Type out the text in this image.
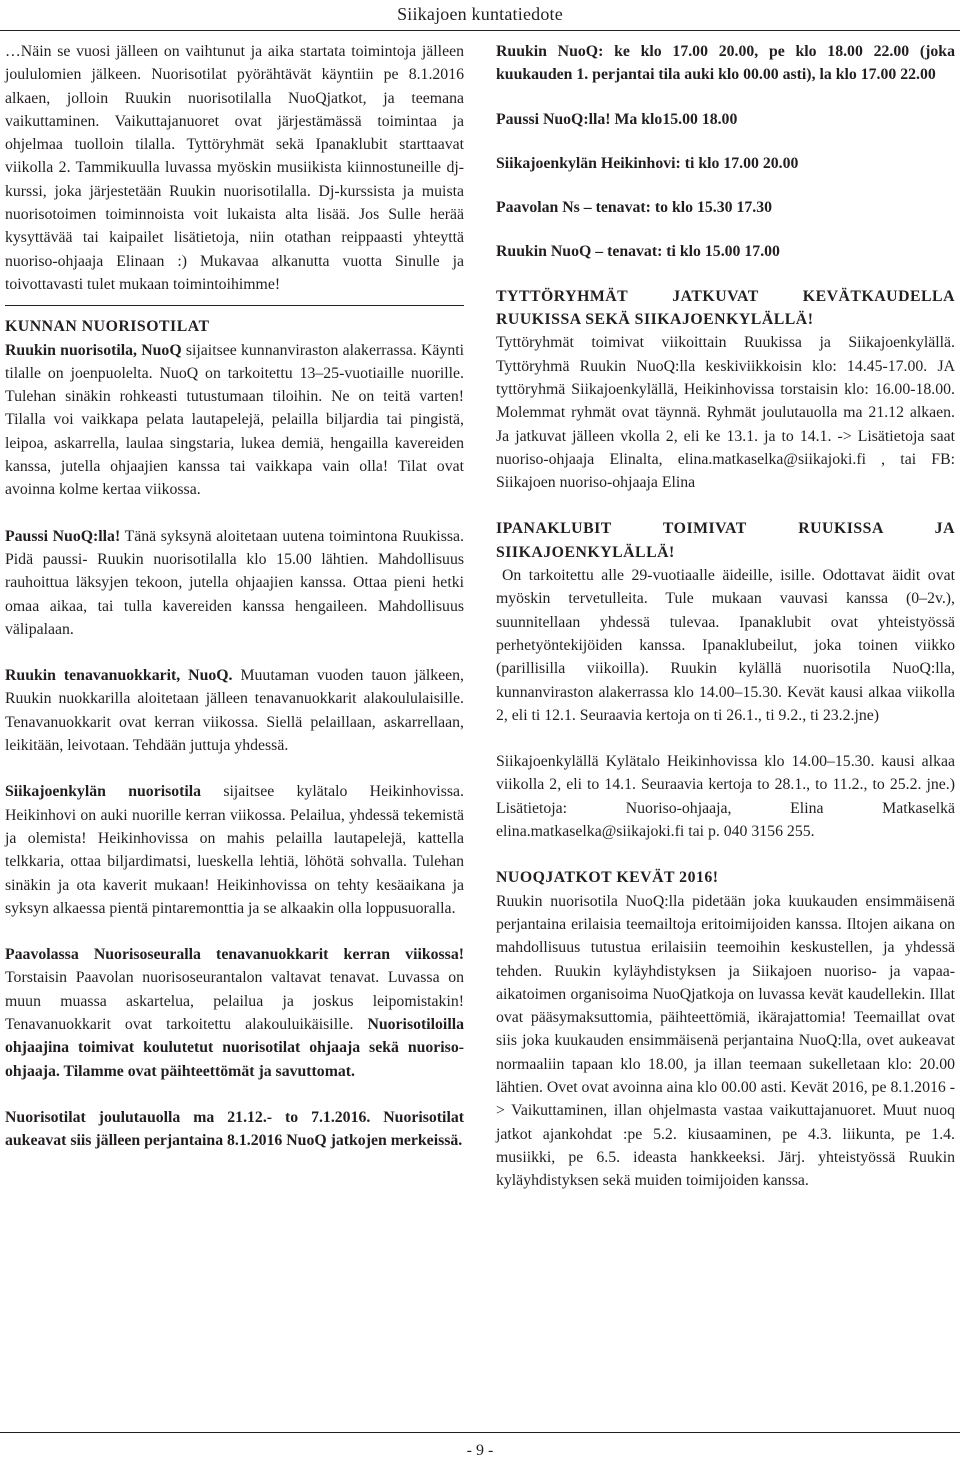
Siikajoen kuntatiedote

…Näin se vuosi jälleen on vaihtunut ja aika startata toimintoja jälleen joululomien jälkeen. Nuorisotilat pyörähtävät käyntiin pe 8.1.2016 alkaen, jolloin Ruukin nuorisotilalla NuoQjatkot, ja teemana vaikuttaminen. Vaikuttajanuoret ovat järjestämässä toimintaa ja ohjelmaa tuolloin tilalla. Tyttöryhmät sekä Ipanaklubit starttaavat viikolla 2. Tammikuulla luvassa myöskin musiikista kiinnostuneille dj-kurssi, joka järjestetään Ruukin nuorisotilalla. Dj-kurssista ja muista nuorisotoimen toiminnoista voit lukaista alta lisää. Jos Sulle herää kysyttävää tai kaipailet lisätietoja, niin otathan reippaasti yhteyttä nuoriso-ohjaaja Elinaan :) Mukavaa alkanutta vuotta Sinulle ja toivottavasti tulet mukaan toimintoihimme!

KUNNAN NUORISOTILAT

Ruukin nuorisotila, NuoQ sijaitsee kunnanviraston alakerrassa. Käynti tilalle on joenpuolelta. NuoQ on tarkoitettu 13–25-vuotiaille nuorille. Tulehan sinäkin rohkeasti tutustumaan tiloihin. Ne on teitä varten! Tilalla voi vaikkapa pelata lautapelejä, pelailla biljardia tai pingistä, leipoa, askarrella, laulaa singstaria, lukea demiä, hengailla kavereiden kanssa, jutella ohjaajien kanssa tai vaikkapa vain olla! Tilat ovat avoinna kolme kertaa viikossa.

Paussi NuoQ:lla! Tänä syksynä aloitetaan uutena toimintona Ruukissa. Pidä paussi- Ruukin nuorisotilalla klo 15.00 lähtien. Mahdollisuus rauhoittua läksyjen tekoon, jutella ohjaajien kanssa. Ottaa pieni hetki omaa aikaa, tai tulla kavereiden kanssa hengaileen. Mahdollisuus välipalaan.

Ruukin tenavanuokkarit, NuoQ. Muutaman vuoden tauon jälkeen, Ruukin nuokkarilla aloitetaan jälleen tenavanuokkarit alakoululaisille. Tenavanuokkarit ovat kerran viikossa. Siellä pelaillaan, askarrellaan, leikitään, leivotaan. Tehdään juttuja yhdessä.

Siikajoenkylän nuorisotila sijaitsee kylätalo Heikinhovissa. Heikinhovi on auki nuorille kerran viikossa. Pelailua, yhdessä tekemistä ja olemista! Heikinhovissa on mahis pelailla lautapelejä, kattella telkkaria, ottaa biljardimatsi, lueskella lehtiä, löhötä sohvalla. Tulehan sinäkin ja ota kaverit mukaan! Heikinhovissa on tehty kesäaikana ja syksyn alkaessa pientä pintaremonttia ja se alkaakin olla loppusuoralla.

Paavolassa Nuorisoseuralla tenavanuokkarit kerran viikossa! Torstaisin Paavolan nuorisoseurantalon valtavat tenavat. Luvassa on muun muassa askartelua, pelailua ja joskus leipomistakin! Tenavanuokkarit ovat tarkoitettu alakouluikäisille. Nuorisotiloilla ohjaajina toimivat koulutetut nuorisotilat ohjaaja sekä nuoriso-ohjaaja. Tilamme ovat päihteettömät ja savuttomat.

Nuorisotilat joulutauolla ma 21.12.- to 7.1.2016. Nuorisotilat aukeavat siis jälleen perjantaina 8.1.2016 NuoQ jatkojen merkeissä.

Ruukin NuoQ: ke klo 17.00 20.00, pe klo 18.00 22.00 (joka kuukauden 1. perjantai tila auki klo 00.00 asti), la klo 17.00 22.00

Paussi NuoQ:lla! Ma klo15.00 18.00

Siikajoenkylän Heikinhovi: ti klo 17.00 20.00

Paavolan Ns – tenavat: to klo 15.30 17.30

Ruukin NuoQ – tenavat: ti klo 15.00 17.00

TYTTÖRYHMÄT JATKUVAT KEVÄTKAUDELLA RUUKISSA SEKÄ SIIKAJOENKYLÄLLÄ!

Tyttöryhmät toimivat viikoittain Ruukissa ja Siikajoenkylällä. Tyttöryhmä Ruukin NuoQ:lla keskiviikkoisin klo: 14.45-17.00. JA tyttöryhmä Siikajoenkylällä, Heikinhovissa torstaisin klo: 16.00-18.00. Molemmat ryhmät ovat täynnä. Ryhmät joulutauolla ma 21.12 alkaen. Ja jatkuvat jälleen vkolla 2, eli ke 13.1. ja to 14.1. -> Lisätietoja saat nuoriso-ohjaaja Elinalta, elina.matkaselka@siikajoki.fi , tai FB: Siikajoen nuoriso-ohjaaja Elina

IPANAKLUBIT TOIMIVAT RUUKISSA JA SIIKAJOENKYLÄLLÄ!

On tarkoitettu alle 29-vuotiaalle äideille, isille. Odottavat äidit ovat myöskin tervetulleita. Tule mukaan vauvasi kanssa (0–2v.), suunnitellaan yhdessä tulevaa. Ipanaklubit ovat yhteistyössä perhetyöntekijöiden kanssa. Ipanaklubeilut, joka toinen viikko (parillisilla viikoilla). Ruukin kylällä nuorisotila NuoQ:lla, kunnanviraston alakerrassa klo 14.00–15.30. Kevät kausi alkaa viikolla 2, eli ti 12.1. Seuraavia kertoja on ti 26.1., ti 9.2., ti 23.2.jne)

Siikajoenkylällä Kylätalo Heikinhovissa klo 14.00–15.30. kausi alkaa viikolla 2, eli to 14.1. Seuraavia kertoja to 28.1., to 11.2., to 25.2. jne.) Lisätietoja: Nuoriso-ohjaaja, Elina Matkaselkä elina.matkaselka@siikajoki.fi tai p. 040 3156 255.

NUOQJATKOT KEVÄT 2016!

Ruukin nuorisotila NuoQ:lla pidetään joka kuukauden ensimmäisenä perjantaina erilaisia teemailtoja eritoimijoiden kanssa. Iltojen aikana on mahdollisuus tutustua erilaisiin teemoihin keskustellen, ja yhdessä tehden. Ruukin kyläyhdistyksen ja Siikajoen nuoriso- ja vapaa-aikatoimen organisoima NuoQjatkoja on luvassa kevät kaudellekin. Illat ovat pääsymaksuttomia, päihteettömiä, ikärajattomia! Teemaillat ovat siis joka kuukauden ensimmäisenä perjantaina NuoQ:lla, ovet aukeavat normaaliin tapaan klo 18.00, ja illan teemaan sukelletaan klo: 20.00 lähtien. Ovet ovat avoinna aina klo 00.00 asti. Kevät 2016, pe 8.1.2016 -> Vaikuttaminen, illan ohjelmasta vastaa vaikuttajanuoret. Muut nuoq jatkot ajankohdat :pe 5.2. kiusaaminen, pe 4.3. liikunta, pe 1.4. musiikki, pe 6.5. ideasta hankkeeksi. Järj. yhteistyössä Ruukin kyläyhdistyksen sekä muiden toimijoiden kanssa.

- 9 -
